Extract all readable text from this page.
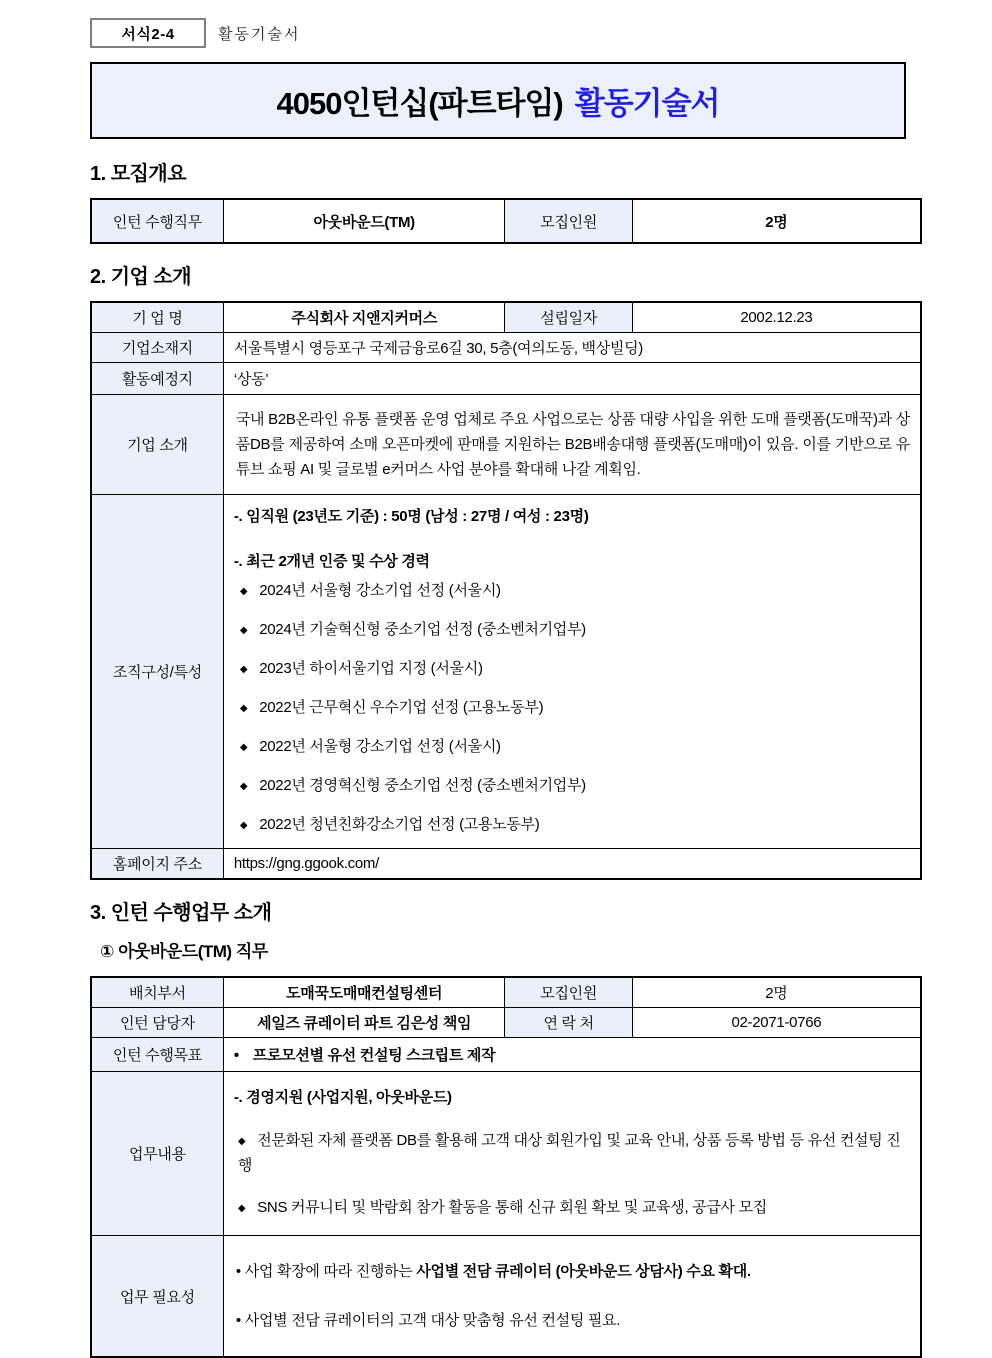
서식2-4	활동기술서
4050인턴십(파트타임) 활동기술서
1. 모집개요
인턴 수행직무	아웃바운드(TM)	모집인원	2명
2. 기업 소개
기 업 명	주식회사 지앤지커머스	설립일자	2002.12.23
기업소재지	서울특별시 영등포구 국제금융로6길 30, 5층(여의도동, 백상빌딩)		
활동예정지	‘상동’		
기업 소개	국내 B2B온라인 유통 플랫폼 운영 업체로 주요 사업으로는 상품 대량 사입을 위한 도매 플랫폼(도매꾹)과 상품DB를 제공하여 소매 오픈마켓에 판매를 지원하는 B2B배송대행 플랫폼(도매매)이 있음. 이를 기반으로 유튜브 쇼핑 AI 및 글로벌 e커머스 사업 분야를 확대해 나갈 계획임.		

조직구성/특성	
-. 임직원 (23년도 기준) : 50명 (남성 : 27명 / 여성 : 23명)
-. 최근 2개년 인증 및 수상 경력
◆ 2024년 서울형 강소기업 선정 (서울시)
◆ 2024년 기술혁신형 중소기업 선정 (중소벤처기업부)
◆ 2023년 하이서울기업 지정 (서울시)
◆ 2022년 근무혁신 우수기업 선정 (고용노동부)
◆ 2022년 서울형 강소기업 선정 (서울시)
◆ 2022년 경영혁신형 중소기업 선정 (중소벤처기업부)
◆ 2022년 청년친화강소기업 선정 (고용노동부)

홈페이지 주소	https://gng.ggook.com/		
3. 인턴 수행업무 소개
① 아웃바운드(TM) 직무
배치부서	도매꾹도매매컨설팅센터	모집인원	2명
인턴 담당자	세일즈 큐레이터 파트 김은성 책임	연 락 처	02-2071-0766
인턴 수행목표	• 프로모션별 유선 컨설팅 스크립트 제작		
업무내용	
-. 경영지원 (사업지원, 아웃바운드)
◆ 전문화된 자체 플랫폼 DB를 활용해 고객 대상 회원가입 및 교육 안내, 상품 등록 방법 등 유선 컨설팅 진행
◆ SNS 커뮤니티 및 박람회 참가 활동을 통해 신규 회원 확보 및 교육생, 공급사 모집

업무 필요성	• 사업 확장에 따라 진행하는 사업별 전담 큐레이터 (아웃바운드 상담사) 수요 확대.
• 사업별 전담 큐레이터의 고객 대상 맞춤형 유선 컨설팅 필요.		
